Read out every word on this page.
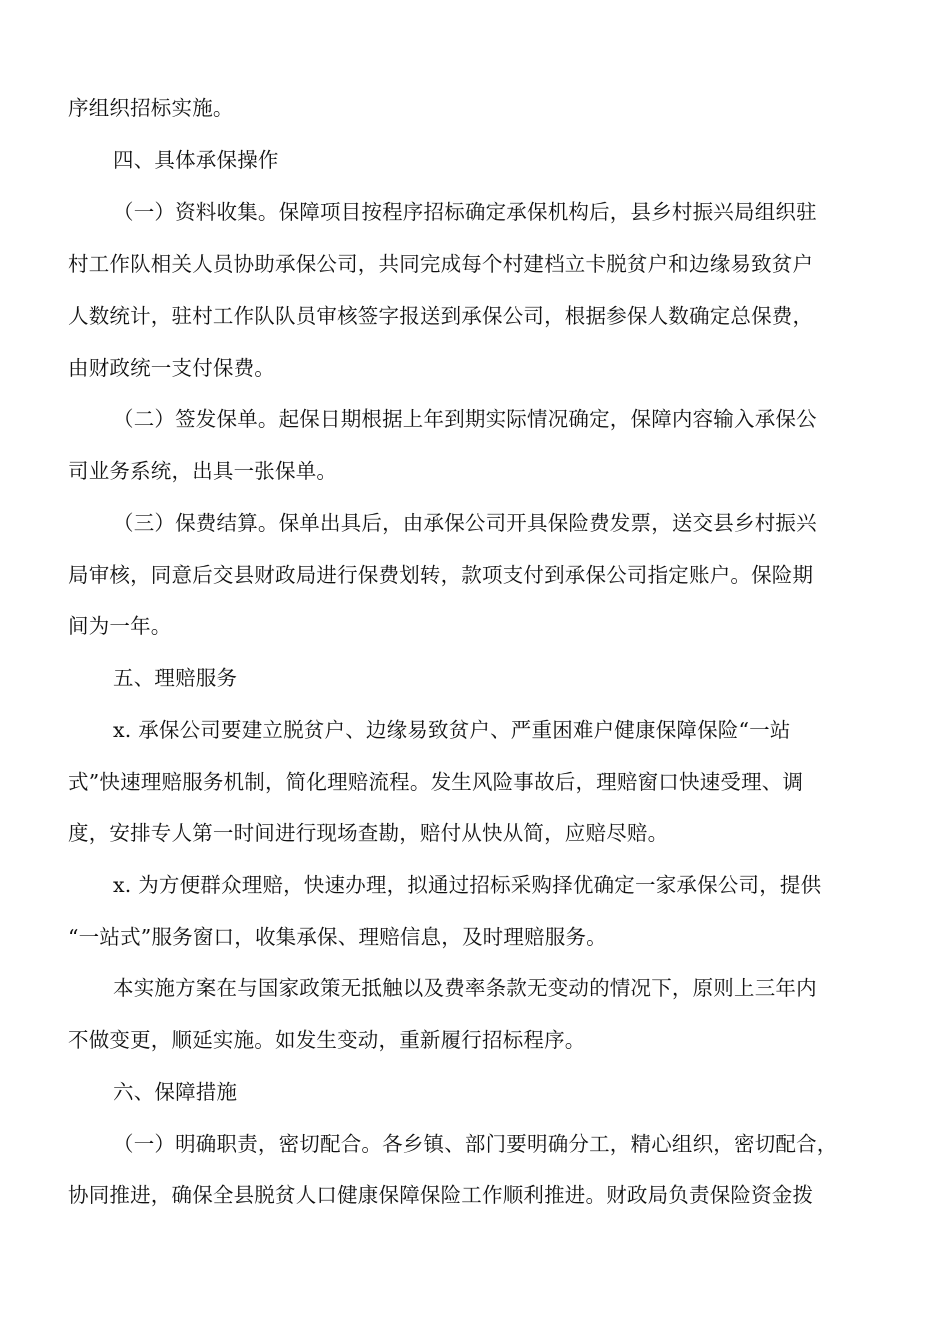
序组织招标实施。
四、具体承保操作
（一）资料收集。保障项目按程序招标确定承保机构后，县乡村振兴局组织驻
村工作队相关人员协助承保公司，共同完成每个村建档立卡脱贫户和边缘易致贫户
人数统计，驻村工作队队员审核签字报送到承保公司，根据参保人数确定总保费，
由财政统一支付保费。
（二）签发保单。起保日期根据上年到期实际情况确定，保障内容输入承保公
司业务系统，出具一张保单。
（三）保费结算。保单出具后，由承保公司开具保险费发票，送交县乡村振兴
局审核，同意后交县财政局进行保费划转，款项支付到承保公司指定账户。保险期
间为一年。
五、理赔服务
x. 承保公司要建立脱贫户、边缘易致贫户、严重困难户健康保障保险“一站
式”快速理赔服务机制，简化理赔流程。发生风险事故后，理赔窗口快速受理、调
度，安排专人第一时间进行现场查勘，赔付从快从简，应赔尽赔。
x. 为方便群众理赔，快速办理，拟通过招标采购择优确定一家承保公司，提供
“一站式”服务窗口，收集承保、理赔信息，及时理赔服务。
本实施方案在与国家政策无抵触以及费率条款无变动的情况下，原则上三年内
不做变更，顺延实施。如发生变动，重新履行招标程序。
六、保障措施
（一）明确职责，密切配合。各乡镇、部门要明确分工，精心组织，密切配合，
协同推进，确保全县脱贫人口健康保障保险工作顺利推进。财政局负责保险资金拨
